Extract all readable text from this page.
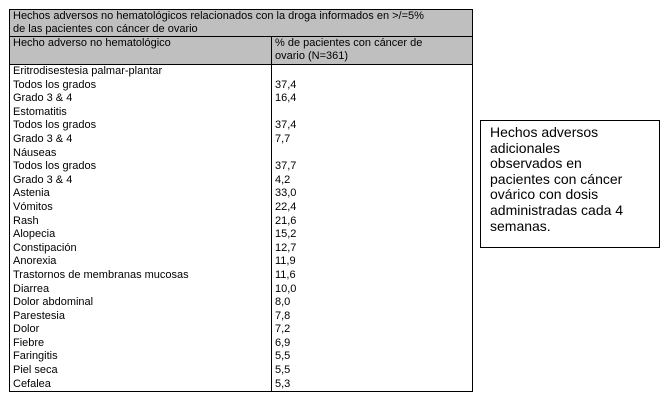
Hechos adversos no hematológicos relacionados con la droga informados en >/=5%
de las pacientes con cáncer de ovario
Hecho adverso no hematológico	% de pacientes con cáncer de
ovario (N=361)
Eritrodisestesia palmar-plantar
Todos los grados	37,4
Grado 3 & 4	16,4
Estomatitis
Todos los grados	37,4
Grado 3 & 4	7,7
Náuseas
Todos los grados	37,7
Grado 3 & 4	4,2
Astenia	33,0
Vómitos	22,4
Rash	21,6
Alopecia	15,2
Constipación	12,7
Anorexia	11,9
Trastornos de membranas mucosas	11,6
Diarrea	10,0
Dolor abdominal	8,0
Parestesia	7,8
Dolor	7,2
Fiebre	6,9
Faringitis	5,5
Piel seca	5,5
Cefalea	5,3
Hechos adversos
adicionales
observados en
pacientes con cáncer
ovárico con dosis
administradas cada 4
semanas.
